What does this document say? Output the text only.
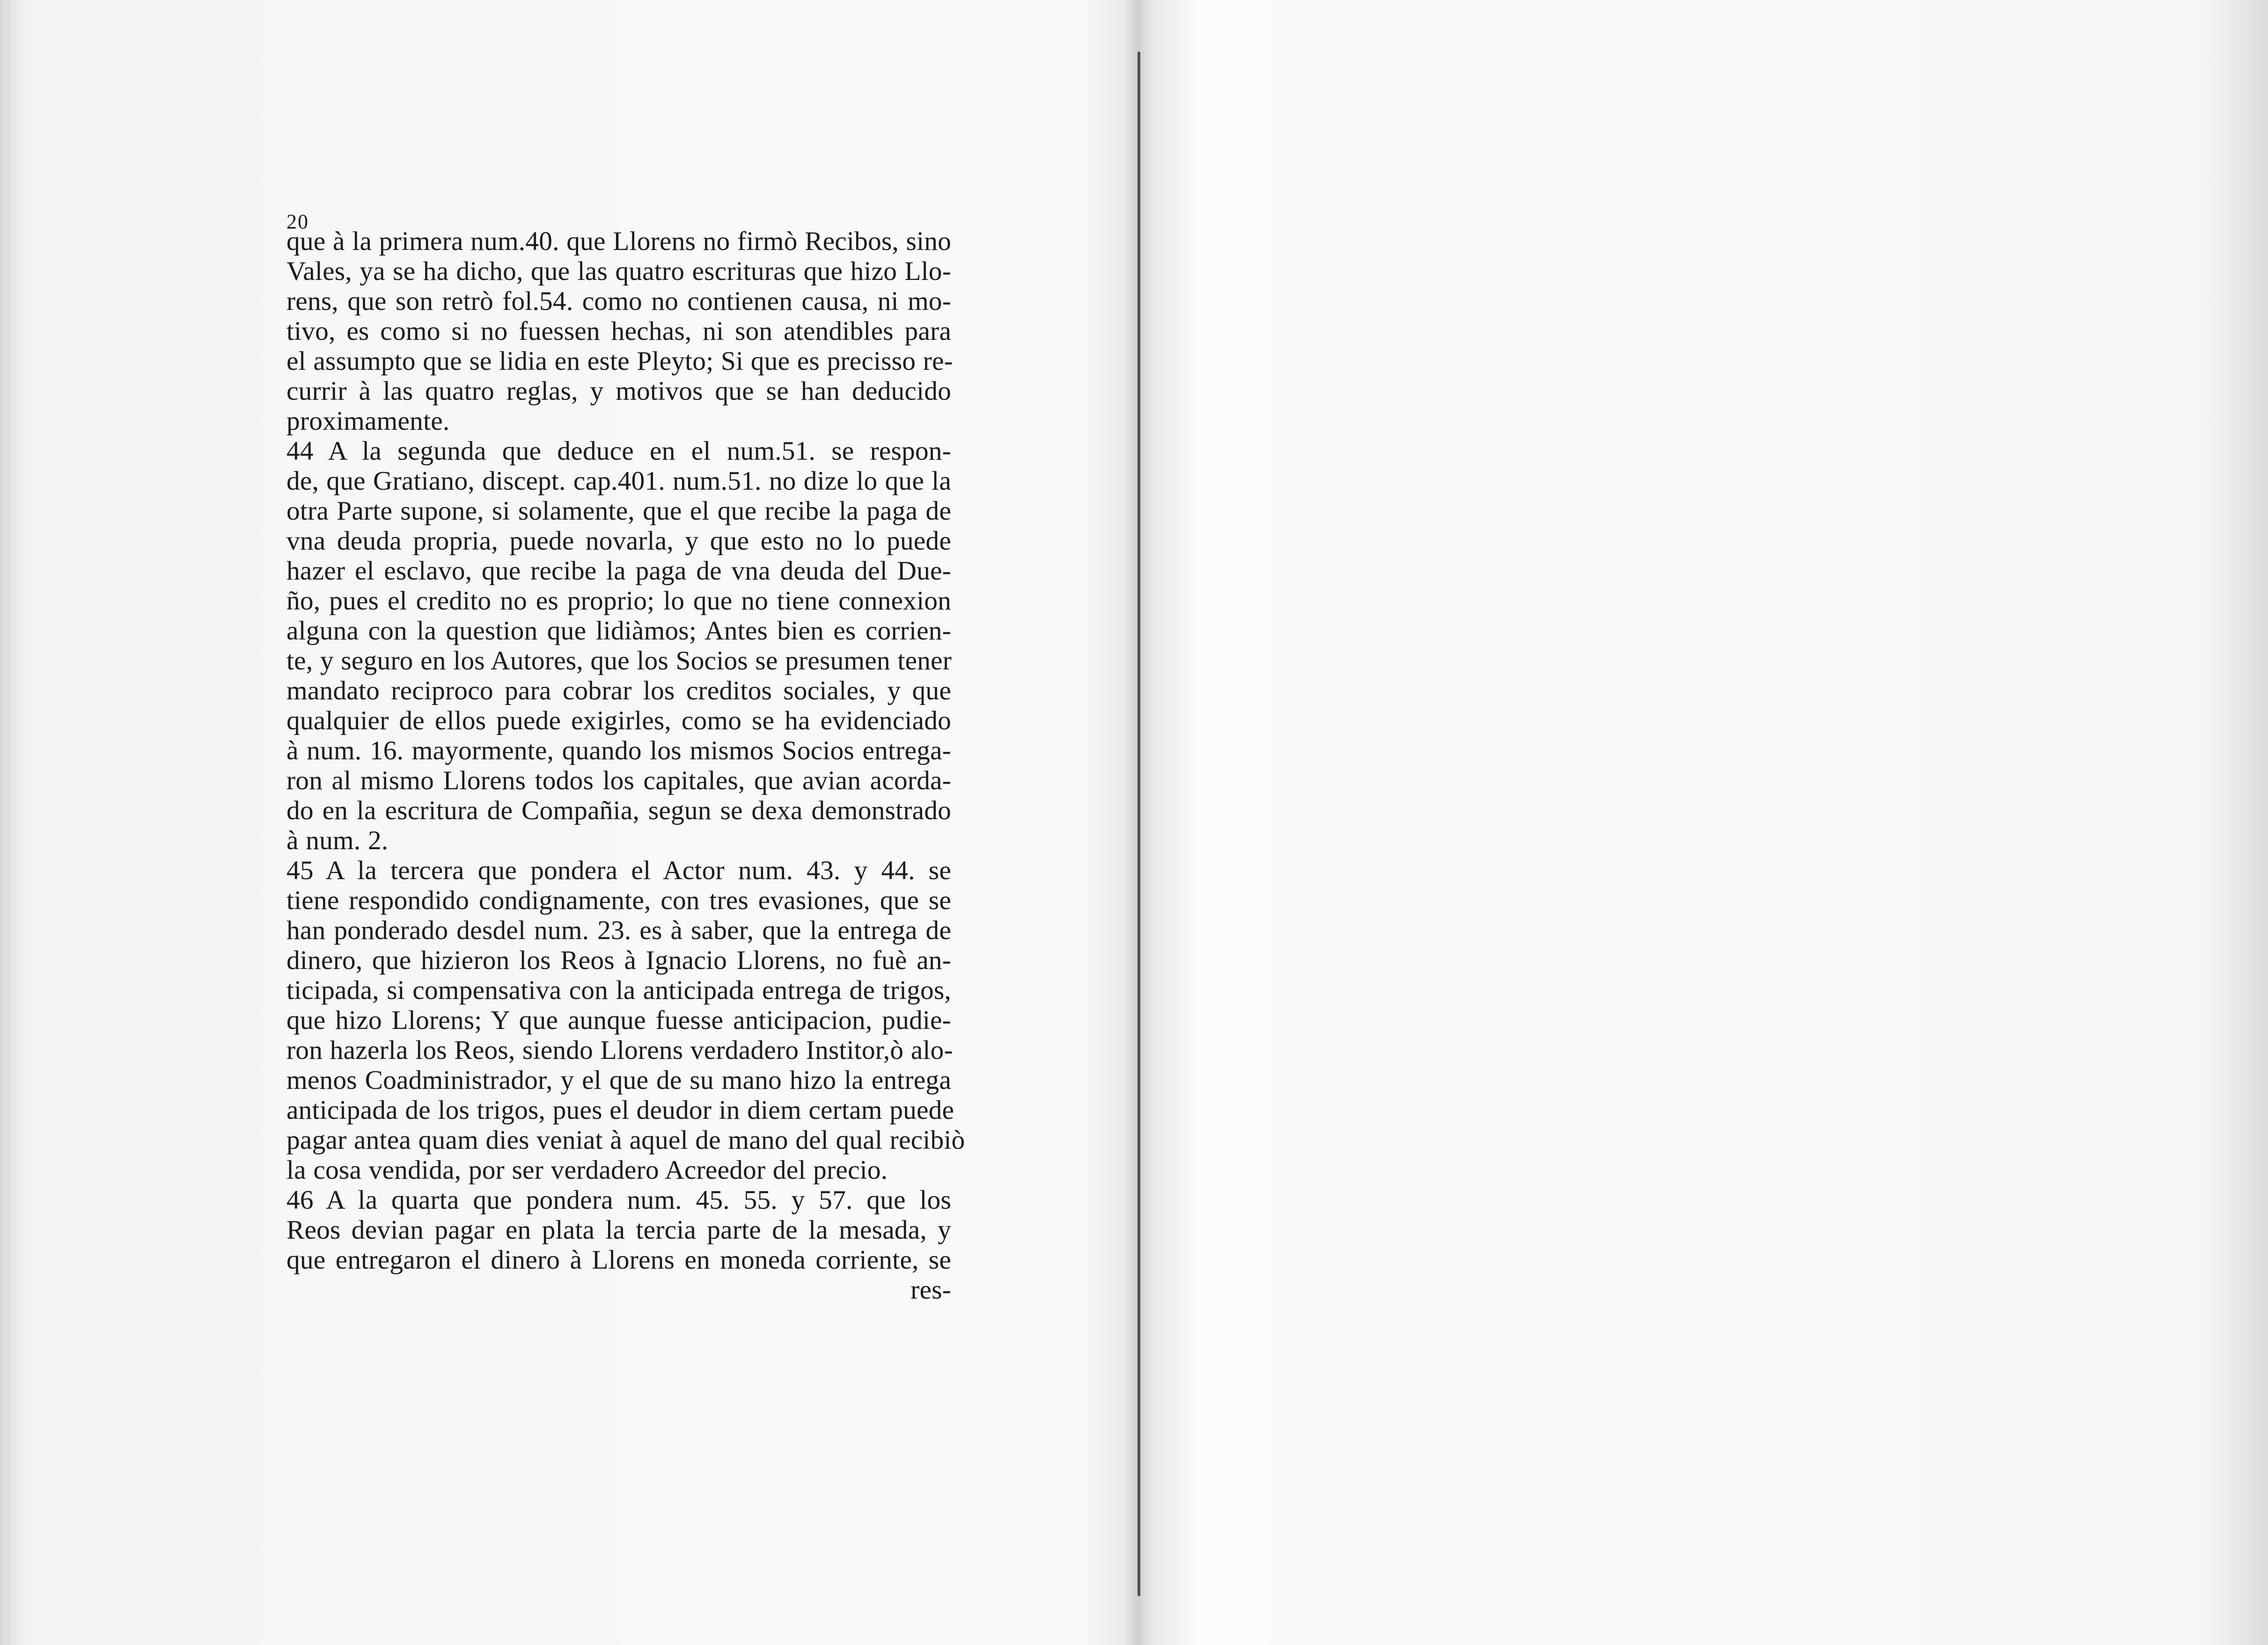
20
que à la primera num.40. que Llorens no firmò Recibos, sino
Vales, ya se ha dicho, que las quatro escrituras que hizo Llo-
rens, que son retrò fol.54. como no contienen causa, ni mo-
tivo, es como si no fuessen hechas, ni son atendibles para
el assumpto que se lidia en este Pleyto; Si que es precisso re-
currir à las quatro reglas, y motivos que se han deducido
proximamente.
44 A la segunda que deduce en el num.51. se respon-
de, que Gratiano, discept. cap.401. num.51. no dize lo que la
otra Parte supone, si solamente, que el que recibe la paga de
vna deuda propria, puede novarla, y que esto no lo puede
hazer el esclavo, que recibe la paga de vna deuda del Due-
ño, pues el credito no es proprio; lo que no tiene connexion
alguna con la question que lidiàmos; Antes bien es corrien-
te, y seguro en los Autores, que los Socios se presumen tener
mandato reciproco para cobrar los creditos sociales, y que
qualquier de ellos puede exigirles, como se ha evidenciado
à num. 16. mayormente, quando los mismos Socios entrega-
ron al mismo Llorens todos los capitales, que avian acorda-
do en la escritura de Compañia, segun se dexa demonstrado
à num. 2.
45 A la tercera que pondera el Actor num. 43. y 44. se
tiene respondido condignamente, con tres evasiones, que se
han ponderado desdel num. 23. es à saber, que la entrega de
dinero, que hizieron los Reos à Ignacio Llorens, no fuè an-
ticipada, si compensativa con la anticipada entrega de trigos,
que hizo Llorens; Y que aunque fuesse anticipacion, pudie-
ron hazerla los Reos, siendo Llorens verdadero Institor,ò alo-
menos Coadministrador, y el que de su mano hizo la entrega
anticipada de los trigos, pues el deudor in diem certam puede
pagar antea quam dies veniat à aquel de mano del qual recibiò
la cosa vendida, por ser verdadero Acreedor del precio.
46 A la quarta que pondera num. 45. 55. y 57. que los
Reos devian pagar en plata la tercia parte de la mesada, y
que entregaron el dinero à Llorens en moneda corriente, se
res-
